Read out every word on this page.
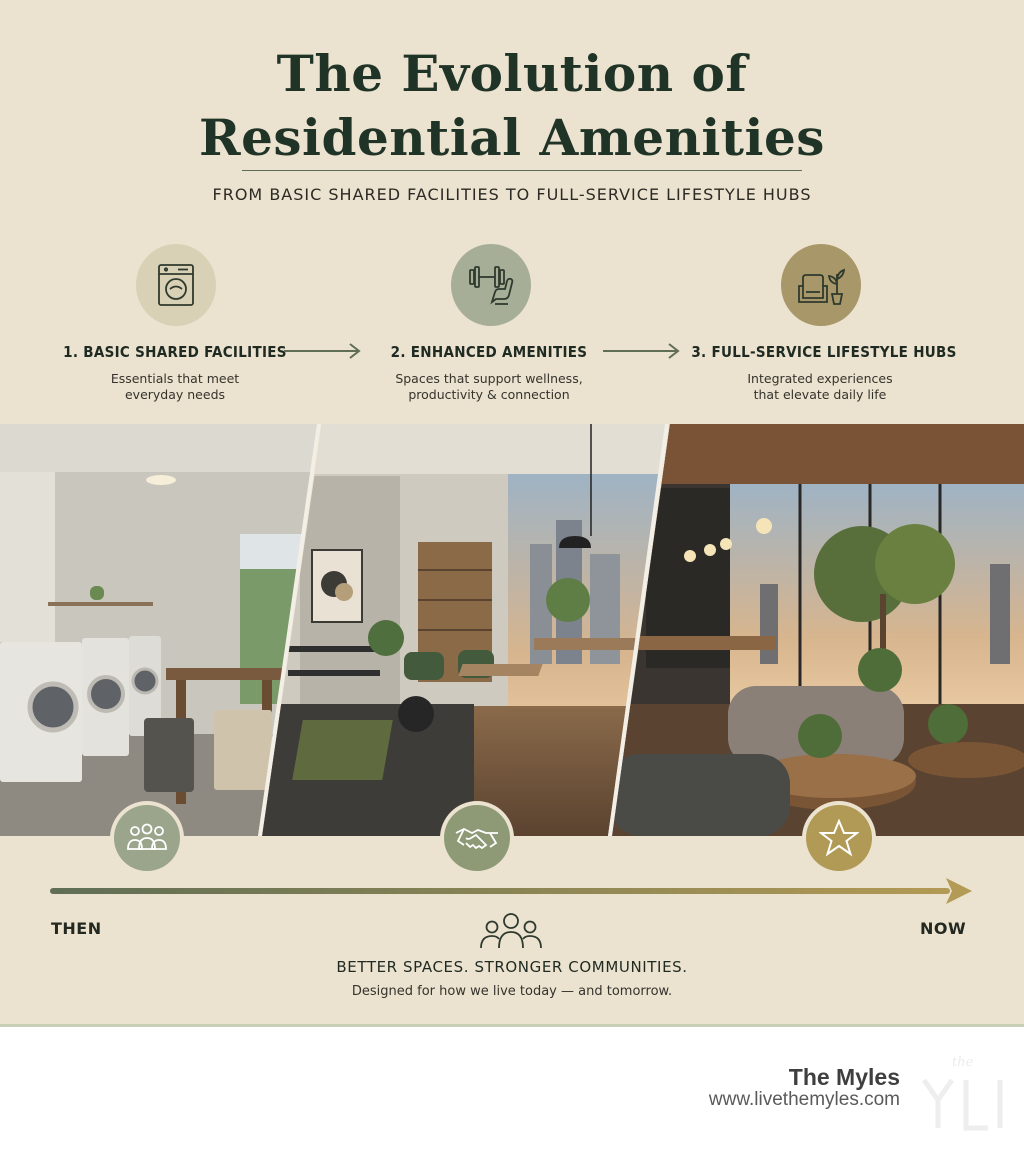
The Evolution of
Residential Amenities
FROM BASIC SHARED FACILITIES TO FULL-SERVICE LIFESTYLE HUBS
1. BASIC SHARED FACILITIES
Essentials that meet
everyday needs
2. ENHANCED AMENITIES
Spaces that support wellness,
productivity & connection
3. FULL-SERVICE LIFESTYLE HUBS
Integrated experiences
that elevate daily life
THEN	NOW
BETTER SPACES. STRONGER COMMUNITIES.
Designed for how we live today — and tomorrow.
The Myles
www.livethemyles.com
the
